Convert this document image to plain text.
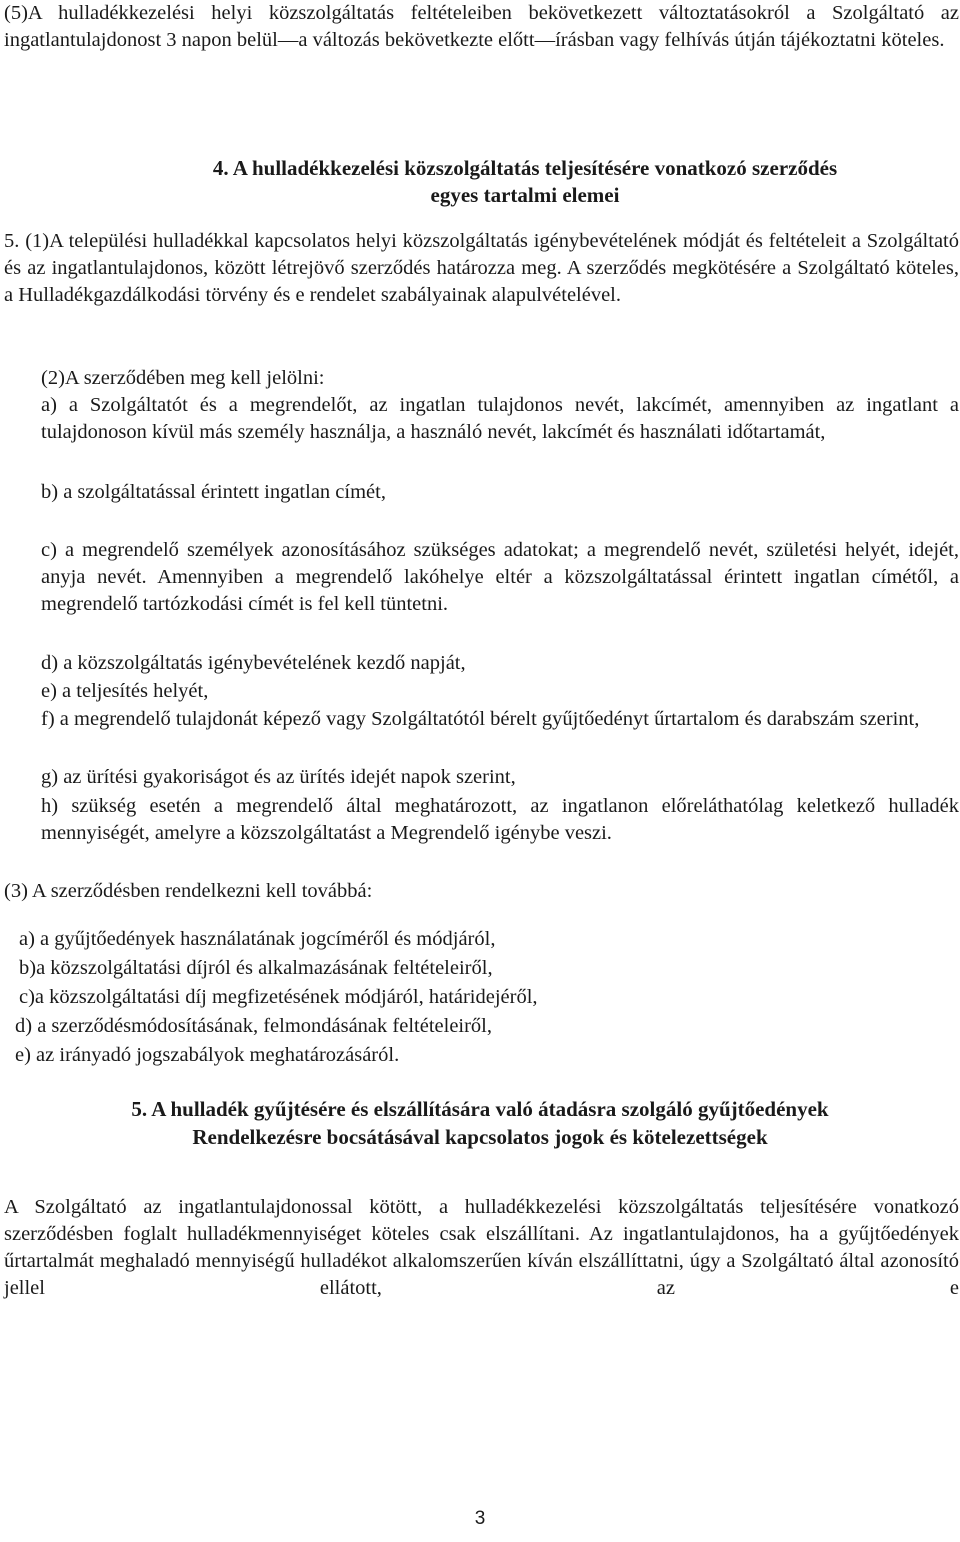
(5)A hulladékkezelési helyi közszolgáltatás feltételeiben bekövetkezett változtatásokról a Szolgáltató az ingatlantulajdonost 3 napon belül—a változás bekövetkezte előtt—írásban vagy felhívás útján tájékoztatni köteles.

4. A hulladékkezelési közszolgáltatás teljesítésére vonatkozó szerződés

egyes tartalmi elemei

5. (1)A települési hulladékkal kapcsolatos helyi közszolgáltatás igénybevételének módját és feltételeit a Szolgáltató és az ingatlantulajdonos, között létrejövő szerződés határozza meg. A szerződés megkötésére a Szolgáltató köteles, a Hulladékgazdálkodási törvény és e rendelet szabályainak alapulvételével.

(2)A szerződében meg kell jelölni:

a) a Szolgáltatót és a megrendelőt, az ingatlan tulajdonos nevét, lakcímét, amennyiben az ingatlant a tulajdonoson kívül más személy használja, a használó nevét, lakcímét és használati időtartamát,

b) a szolgáltatással érintett ingatlan címét,

c) a megrendelő személyek azonosításához szükséges adatokat; a megrendelő nevét, születési helyét, idejét, anyja nevét. Amennyiben a megrendelő lakóhelye eltér a közszolgáltatással érintett ingatlan címétől, a megrendelő tartózkodási címét is fel kell tüntetni.

d) a közszolgáltatás igénybevételének kezdő napját,

e) a teljesítés helyét,

f) a megrendelő tulajdonát képező vagy Szolgáltatótól bérelt gyűjtőedényt űrtartalom és darabszám szerint,

g) az ürítési gyakoriságot és az ürítés idejét napok szerint,

h) szükség esetén a megrendelő által meghatározott, az ingatlanon előreláthatólag keletkező hulladék mennyiségét, amelyre a közszolgáltatást a Megrendelő igénybe veszi.

(3) A szerződésben rendelkezni kell továbbá:

a) a gyűjtőedények használatának jogcíméről és módjáról,

b)a közszolgáltatási díjról és alkalmazásának feltételeiről,

c)a közszolgáltatási díj megfizetésének módjáról, határidejéről,

d) a szerződésmódosításának, felmondásának feltételeiről,

e) az irányadó jogszabályok meghatározásáról.

5. A hulladék gyűjtésére és elszállítására való átadásra szolgáló gyűjtőedények

Rendelkezésre bocsátásával kapcsolatos jogok és kötelezettségek

A Szolgáltató az ingatlantulajdonossal kötött, a hulladékkezelési közszolgáltatás teljesítésére vonatkozó szerződésben foglalt hulladékmennyiséget köteles csak elszállítani. Az ingatlantulajdonos, ha a gyűjtőedények űrtartalmát meghaladó mennyiségű hulladékot alkalomszerűen kíván elszállíttatni, úgy a Szolgáltató által azonosító jellel ellátott, az e

3
